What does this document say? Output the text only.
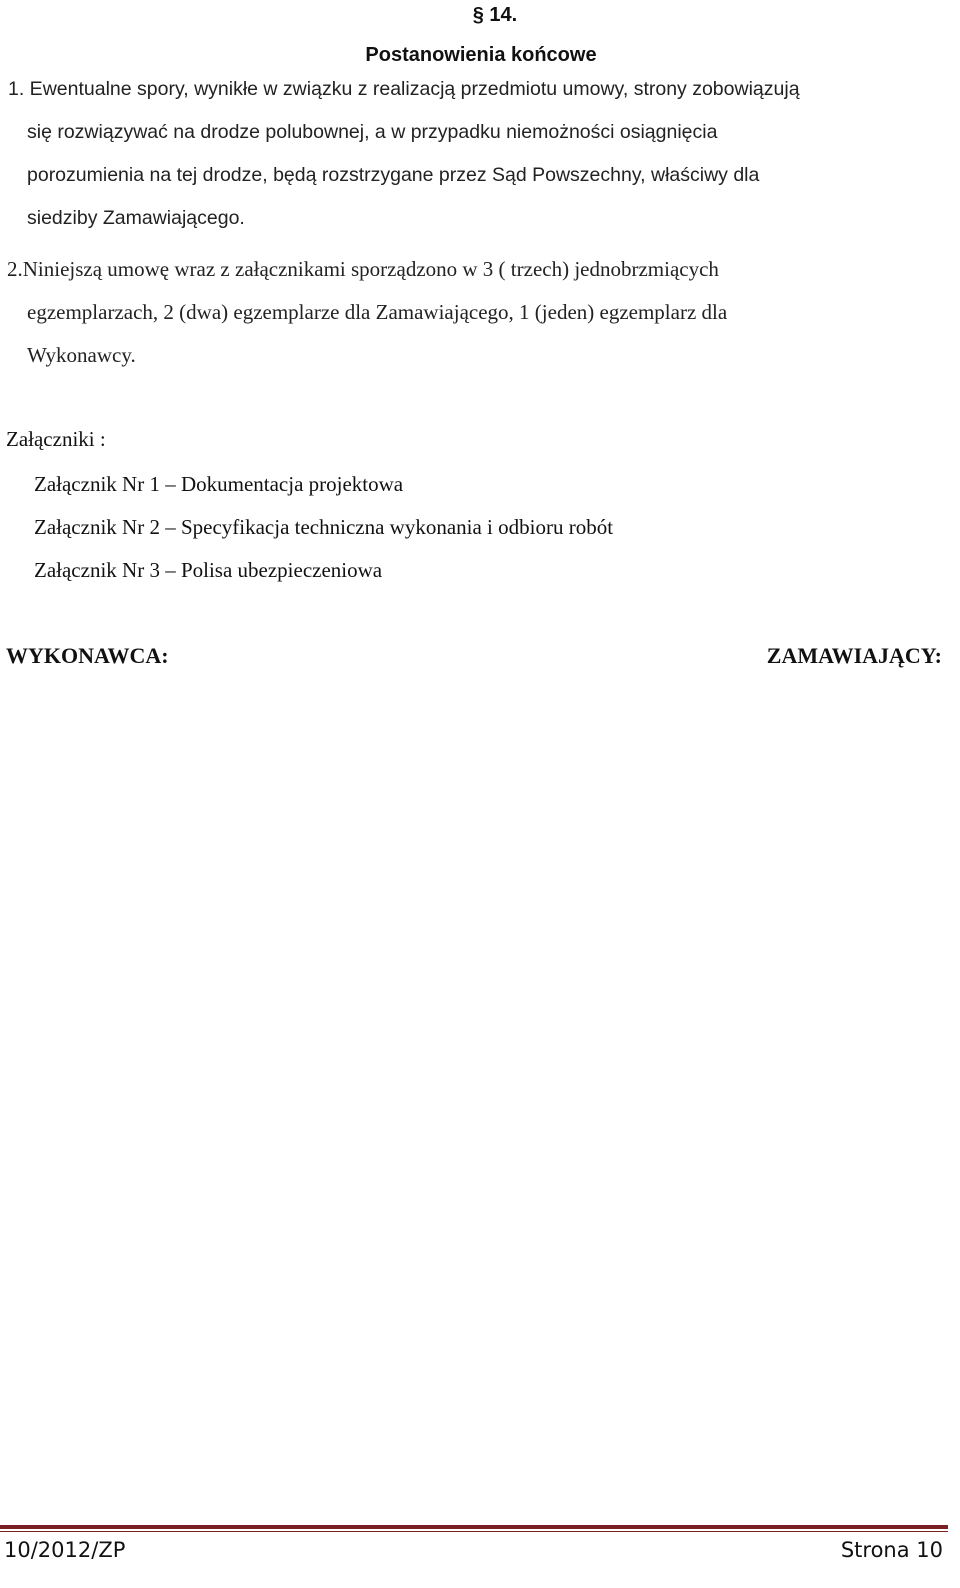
§ 14.
Postanowienia końcowe
1. Ewentualne spory, wynikłe w związku z realizacją przedmiotu umowy, strony zobowiązują
się rozwiązywać na drodze polubownej, a w przypadku niemożności osiągnięcia
porozumienia na tej drodze, będą rozstrzygane przez Sąd Powszechny, właściwy dla
siedziby Zamawiającego.
2.Niniejszą umowę wraz z załącznikami sporządzono w 3 ( trzech) jednobrzmiących
egzemplarzach, 2 (dwa) egzemplarze dla Zamawiającego, 1 (jeden) egzemplarz dla
Wykonawcy.
Załączniki :
Załącznik Nr 1 – Dokumentacja projektowa
Załącznik Nr 2 – Specyfikacja techniczna wykonania i odbioru robót
Załącznik Nr 3 – Polisa ubezpieczeniowa
WYKONAWCA:	ZAMAWIAJĄCY:
10/2012/ZP	Strona 10
